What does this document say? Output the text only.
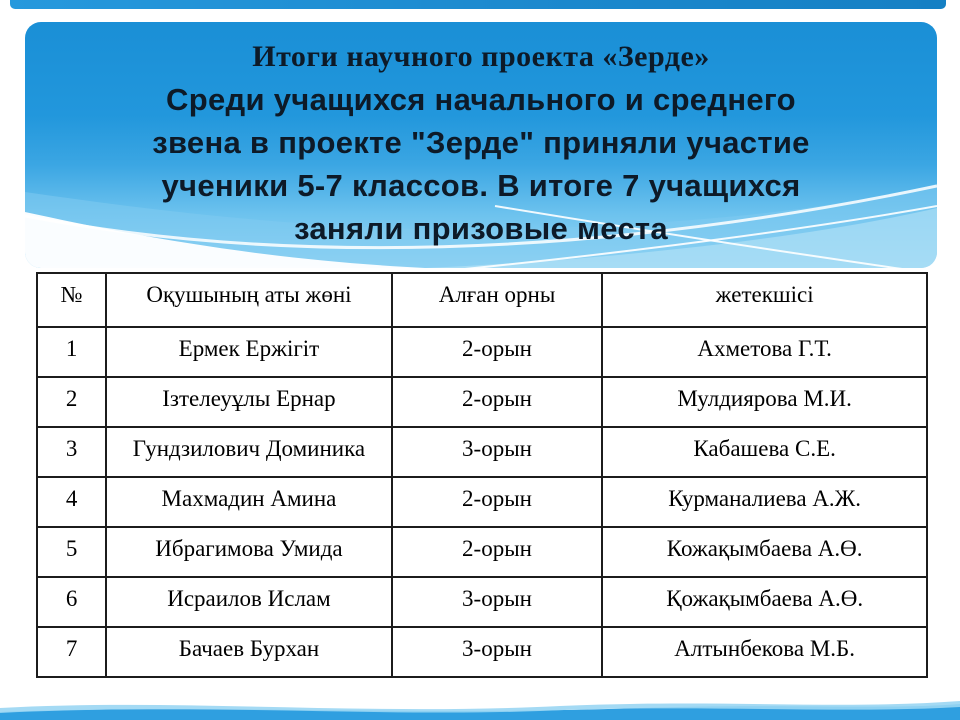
Итоги научного проекта «Зерде»
Среди учащихся начального и среднего
звена в проекте "Зерде" приняли участие
ученики 5-7 классов. В итоге 7 учащихся
заняли призовые места
№	Оқушының аты жөні	Алған орны	жетекшісі
1	Ермек Ержігіт	2-орын	Ахметова Г.Т.
2	Ізтелеуұлы Ернар	2-орын	Мулдиярова М.И.
3	Гундзилович Доминика	3-орын	Кабашева С.Е.
4	Махмадин Амина	2-орын	Курманалиева А.Ж.
5	Ибрагимова Умида	2-орын	Кожақымбаева А.Ө.
6	Исраилов Ислам	3-орын	Қожақымбаева А.Ө.
7	Бачаев Бурхан	3-орын	Алтынбекова М.Б.
